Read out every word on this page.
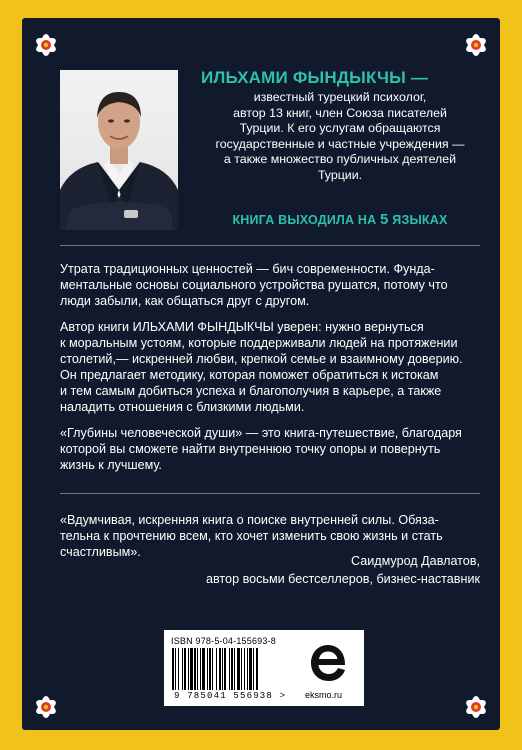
ИЛЬХАМИ ФЫНДЫКЧЫ —
известный турецкий психолог,
автор 13 книг, член Союза писателей
Турции. К его услугам обращаются
государственные и частные учреждения —
а также множество публичных деятелей
Турции.
КНИГА ВЫХОДИЛА НА 5 ЯЗЫКАХ

Утрата традиционных ценностей — бич современности. Фунда-
ментальные основы социального устройства рушатся, потому что
люди забыли, как общаться друг с другом.

Автор книги ИЛЬХАМИ ФЫНДЫКЧЫ уверен: нужно вернуться
к моральным устоям, которые поддерживали людей на протяжении
столетий,— искренней любви, крепкой семье и взаимному доверию.
Он предлагает методику, которая поможет обратиться к истокам
и тем самым добиться успеха и благополучия в карьере, а также
наладить отношения с близкими людьми.

«Глубины человеческой души» — это книга-путешествие, благодаря
которой вы сможете найти внутреннюю точку опоры и повернуть
жизнь к лучшему.

«Вдумчивая, искренняя книга о поиске внутренней силы. Обяза-
тельна к прочтению всем, кто хочет изменить свою жизнь и стать
счастливым».
Саидмурод Давлатов,
автор восьми бестселлеров, бизнес-наставник
ISBN 978-5-04-155693-8
9 785041 556938 > eksmo.ru
